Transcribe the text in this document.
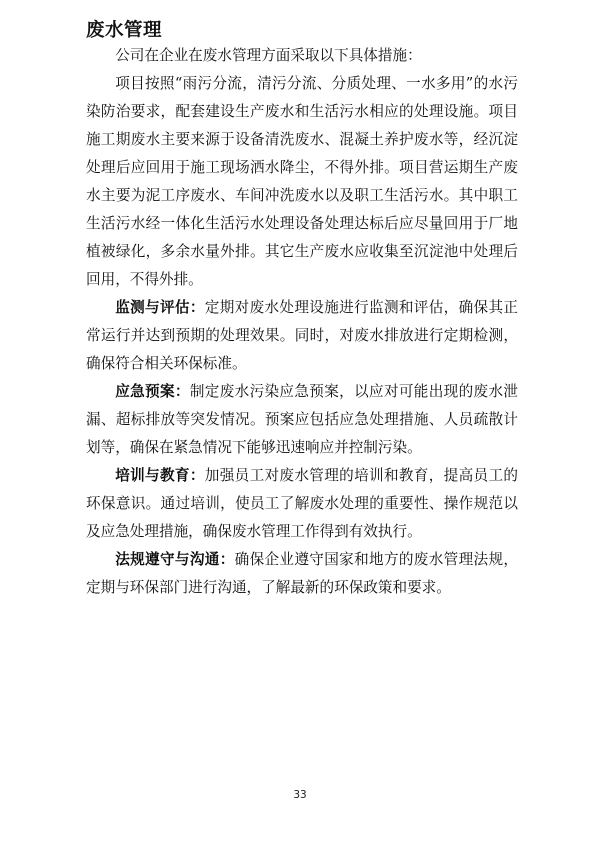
废水管理

公司在企业在废水管理方面采取以下具体措施：

项目按照“雨污分流，清污分流、分质处理、一水多用”的水污染防治要求，配套建设生产废水和生活污水相应的处理设施。项目施工期废水主要来源于设备清洗废水、混凝土养护废水等，经沉淀处理后应回用于施工现场洒水降尘，不得外排。项目营运期生产废水主要为泥工序废水、车间冲洗废水以及职工生活污水。其中职工生活污水经一体化生活污水处理设备处理达标后应尽量回用于厂地植被绿化，多余水量外排。其它生产废水应收集至沉淀池中处理后回用，不得外排。

监测与评估：定期对废水处理设施进行监测和评估，确保其正常运行并达到预期的处理效果。同时，对废水排放进行定期检测，确保符合相关环保标准。

应急预案：制定废水污染应急预案，以应对可能出现的废水泄漏、超标排放等突发情况。预案应包括应急处理措施、人员疏散计划等，确保在紧急情况下能够迅速响应并控制污染。

培训与教育：加强员工对废水管理的培训和教育，提高员工的环保意识。通过培训，使员工了解废水处理的重要性、操作规范以及应急处理措施，确保废水管理工作得到有效执行。

法规遵守与沟通：确保企业遵守国家和地方的废水管理法规，定期与环保部门进行沟通，了解最新的环保政策和要求。

33
